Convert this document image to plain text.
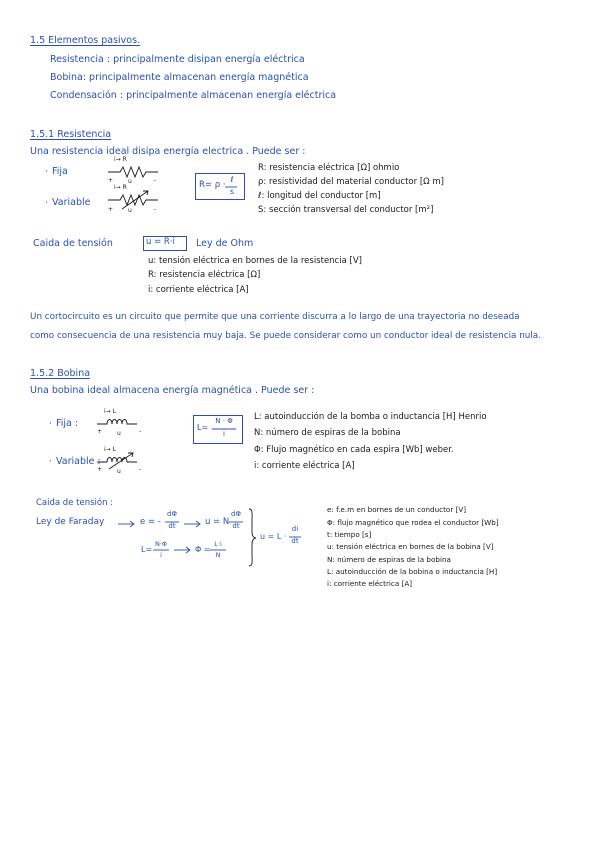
1.5 Elementos pasivos.
Resistencia : principalmente disipan energía eléctrica
Bobina: principalmente almacenan energía magnética
Condensación : principalmente almacenan energía eléctrica
1.5.1 Resistencia
Una resistencia ideal disipa energía electrica . Puede ser :
Fija
Variable
·
·
i→ R
+ u	-
i→ R
+ u	-
R= ρ ·
ℓ
s
R: resistencia eléctrica [Ω] ohmio
ρ: resistividad del material conductor [Ω m]
ℓ: longitud del conductor [m]
S: sección transversal del conductor [m²]
Caida de tensión	u = R·i Ley de Ohm
u: tensión eléctrica en bornes de la resistencia [V]
R: resistencia eléctrica [Ω]
i: corriente eléctrica [A]
Un cortocircuito es un circuito que permite que una corriente discurra a lo largo de una trayectoria no deseada
como consecuencia de una resistencia muy baja. Se puede considerar como un conductor ideal de resistencia nula.
1.5.2 Bobina
Una bobina ideal almacena energía magnética . Puede ser :
· Fija :
· Variable :
i→ L
+ u	-
i→ L
+ u	-
L=
N · Φ
i
L: autoinducción de la bomba o inductancia [H] Henrio
N: número de espiras de la bobina
Φ: Flujo magnético en cada espira [Wb] weber.
i: corriente eléctrica [A]
Caida de tensión :
Ley de Faraday	e = -
dΦ
dt	u = N
dΦ
dt
L=
N·Φ
i
Φ =
L·i
N
u = L ·
di
dt
e: f.e.m en bornes de un conductor [V]
Φ: flujo magnético que rodea el conductor [Wb]
t: tiempo [s]
u: tensión eléctrica en bornes de la bobina [V]
N: número de espiras de la bobina
L: autoinducción de la bobina o inductancia [H]
i: corriente eléctrica [A]
